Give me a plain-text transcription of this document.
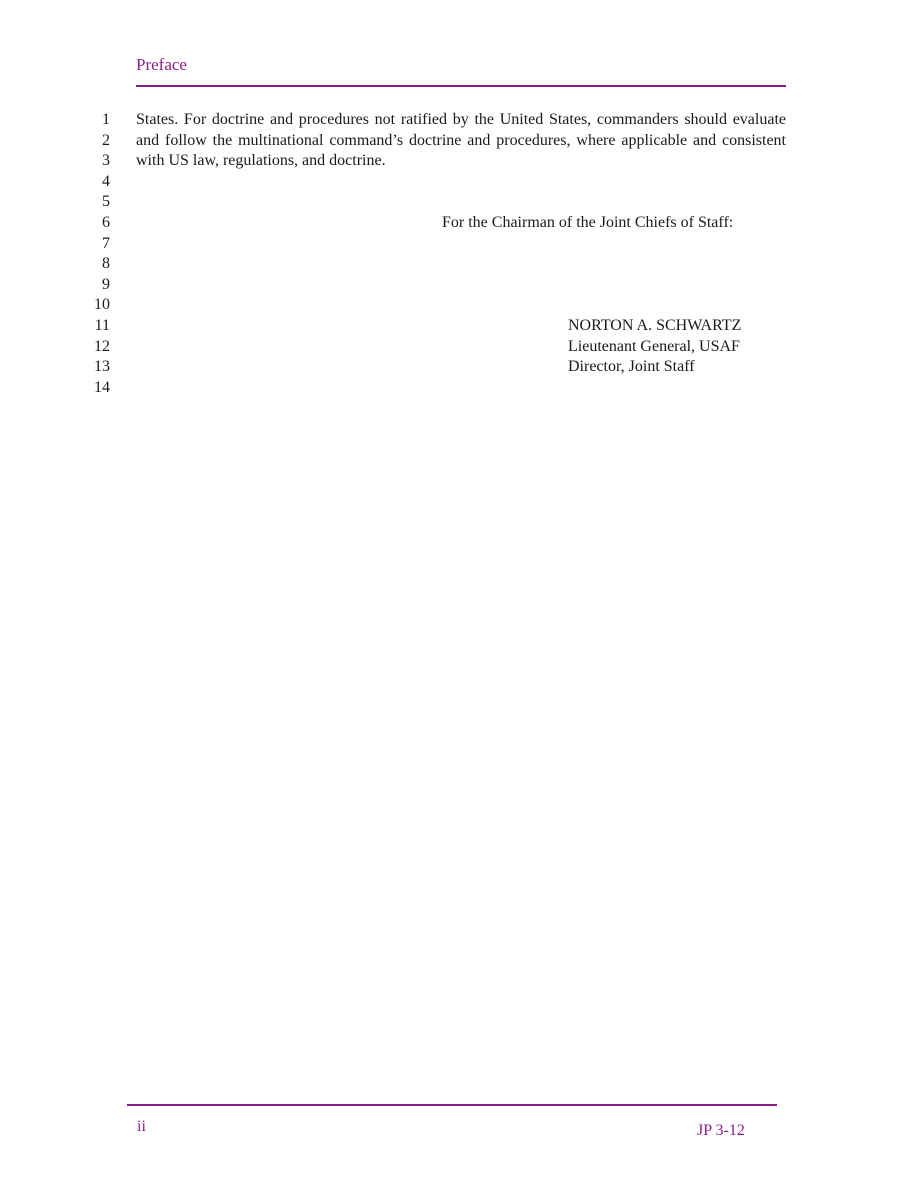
Preface
1
2
3
4
5
6
7
8
9
10
11
12
13
14
States. For doctrine and procedures not ratified by the United States, commanders should evaluate and follow the multinational command’s doctrine and procedures, where applicable and consistent with US law, regulations, and doctrine.
For the Chairman of the Joint Chiefs of Staff:
NORTON A. SCHWARTZ
Lieutenant General, USAF
Director, Joint Staff
ii	JP 3-12
